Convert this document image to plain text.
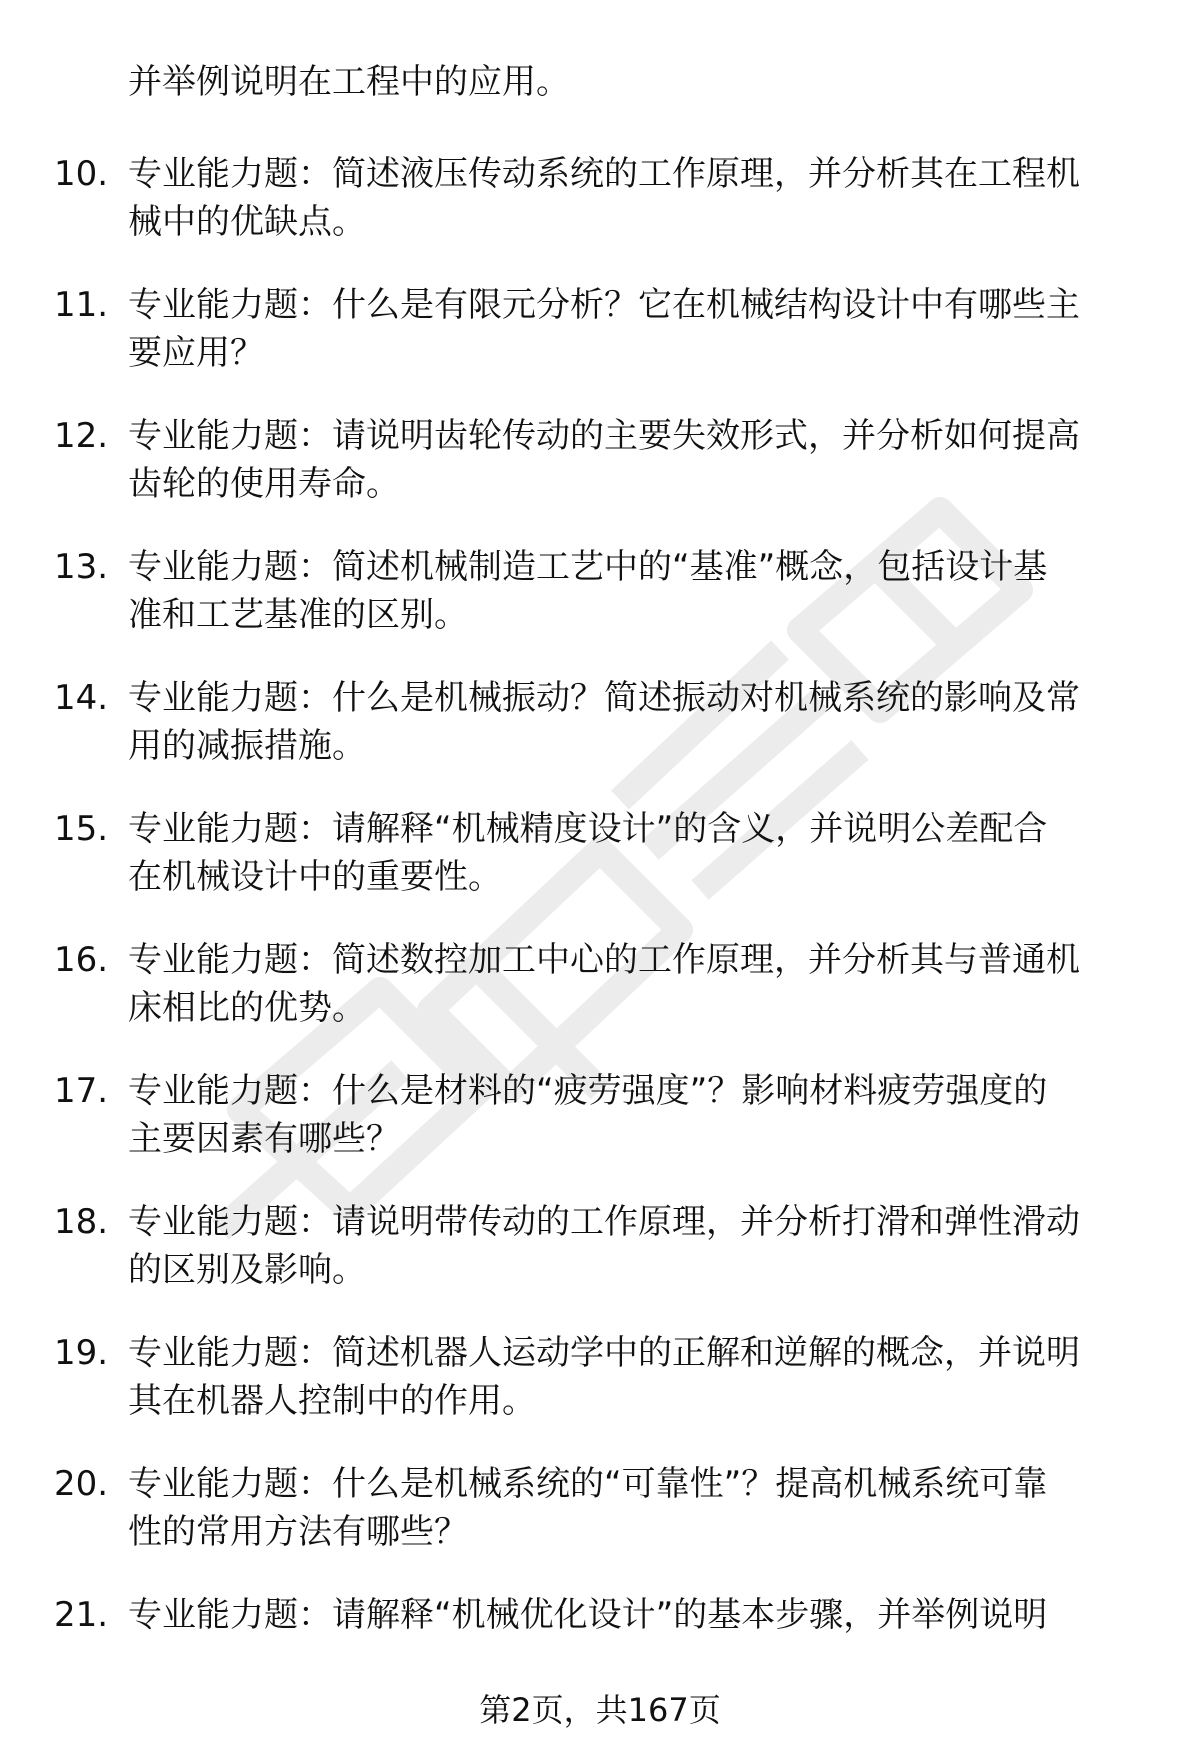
并举例说明在工程中的应用。
10. 专业能力题：简述液压传动系统的工作原理，并分析其在工程机
械中的优缺点。
11. 专业能力题：什么是有限元分析？它在机械结构设计中有哪些主
要应用？
12. 专业能力题：请说明齿轮传动的主要失效形式，并分析如何提高
齿轮的使用寿命。
13. 专业能力题：简述机械制造工艺中的“基准”概念，包括设计基
准和工艺基准的区别。
14. 专业能力题：什么是机械振动？简述振动对机械系统的影响及常
用的减振措施。
15. 专业能力题：请解释“机械精度设计”的含义，并说明公差配合
在机械设计中的重要性。
16. 专业能力题：简述数控加工中心的工作原理，并分析其与普通机
床相比的优势。
17. 专业能力题：什么是材料的“疲劳强度”？影响材料疲劳强度的
主要因素有哪些？
18. 专业能力题：请说明带传动的工作原理，并分析打滑和弹性滑动
的区别及影响。
19. 专业能力题：简述机器人运动学中的正解和逆解的概念，并说明
其在机器人控制中的作用。
20. 专业能力题：什么是机械系统的“可靠性”？提高机械系统可靠
性的常用方法有哪些？
21. 专业能力题：请解释“机械优化设计”的基本步骤，并举例说明
第2页，共167页
